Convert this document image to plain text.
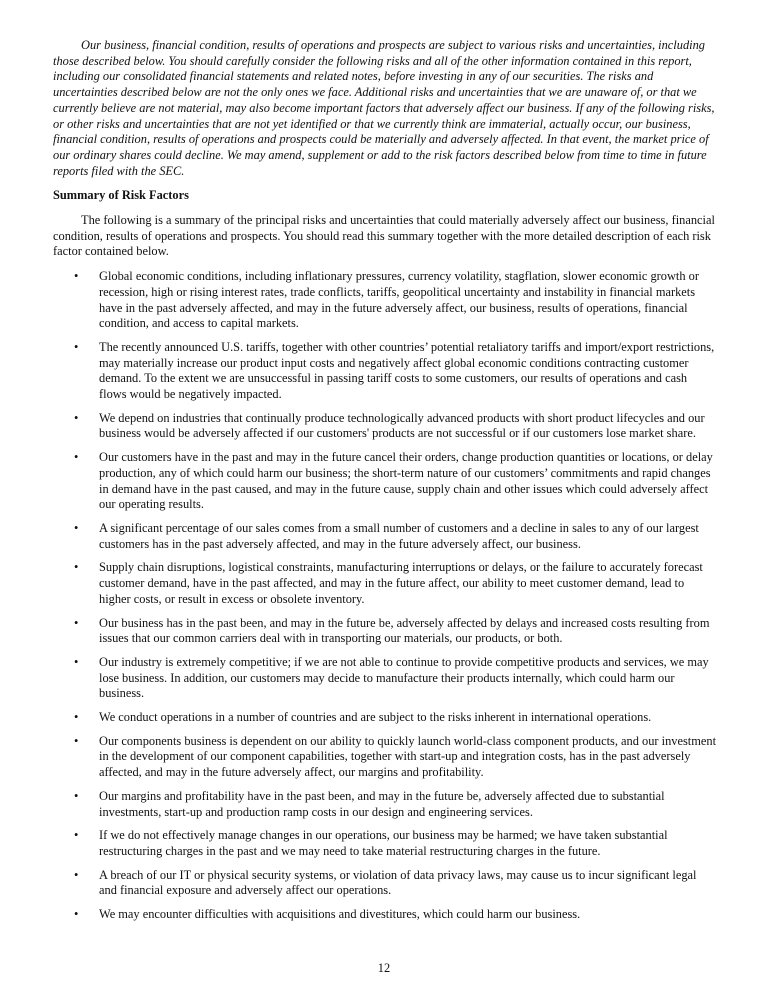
Our business, financial condition, results of operations and prospects are subject to various risks and uncertainties, including those described below. You should carefully consider the following risks and all of the other information contained in this report, including our consolidated financial statements and related notes, before investing in any of our securities. The risks and uncertainties described below are not the only ones we face. Additional risks and uncertainties that we are unaware of, or that we currently believe are not material, may also become important factors that adversely affect our business. If any of the following risks, or other risks and uncertainties that are not yet identified or that we currently think are immaterial, actually occur, our business, financial condition, results of operations and prospects could be materially and adversely affected. In that event, the market price of our ordinary shares could decline. We may amend, supplement or add to the risk factors described below from time to time in future reports filed with the SEC.

Summary of Risk Factors

The following is a summary of the principal risks and uncertainties that could materially adversely affect our business, financial condition, results of operations and prospects. You should read this summary together with the more detailed description of each risk factor contained below.

• Global economic conditions, including inflationary pressures, currency volatility, stagflation, slower economic growth or recession, high or rising interest rates, trade conflicts, tariffs, geopolitical uncertainty and instability in financial markets have in the past adversely affected, and may in the future adversely affect, our business, results of operations, financial condition, and access to capital markets.
• The recently announced U.S. tariffs, together with other countries’ potential retaliatory tariffs and import/export restrictions, may materially increase our product input costs and negatively affect global economic conditions contracting customer demand. To the extent we are unsuccessful in passing tariff costs to some customers, our results of operations and cash flows would be negatively impacted.
• We depend on industries that continually produce technologically advanced products with short product lifecycles and our business would be adversely affected if our customers' products are not successful or if our customers lose market share.
• Our customers have in the past and may in the future cancel their orders, change production quantities or locations, or delay production, any of which could harm our business; the short-term nature of our customers’ commitments and rapid changes in demand have in the past caused, and may in the future cause, supply chain and other issues which could adversely affect our operating results.
• A significant percentage of our sales comes from a small number of customers and a decline in sales to any of our largest customers has in the past adversely affected, and may in the future adversely affect, our business.
• Supply chain disruptions, logistical constraints, manufacturing interruptions or delays, or the failure to accurately forecast customer demand, have in the past affected, and may in the future affect, our ability to meet customer demand, lead to higher costs, or result in excess or obsolete inventory.
• Our business has in the past been, and may in the future be, adversely affected by delays and increased costs resulting from issues that our common carriers deal with in transporting our materials, our products, or both.
• Our industry is extremely competitive; if we are not able to continue to provide competitive products and services, we may lose business. In addition, our customers may decide to manufacture their products internally, which could harm our business.
• We conduct operations in a number of countries and are subject to the risks inherent in international operations.
• Our components business is dependent on our ability to quickly launch world-class component products, and our investment in the development of our component capabilities, together with start-up and integration costs, has in the past adversely affected, and may in the future adversely affect, our margins and profitability.
• Our margins and profitability have in the past been, and may in the future be, adversely affected due to substantial investments, start-up and production ramp costs in our design and engineering services.
• If we do not effectively manage changes in our operations, our business may be harmed; we have taken substantial restructuring charges in the past and we may need to take material restructuring charges in the future.
• A breach of our IT or physical security systems, or violation of data privacy laws, may cause us to incur significant legal and financial exposure and adversely affect our operations.
• We may encounter difficulties with acquisitions and divestitures, which could harm our business.
12
